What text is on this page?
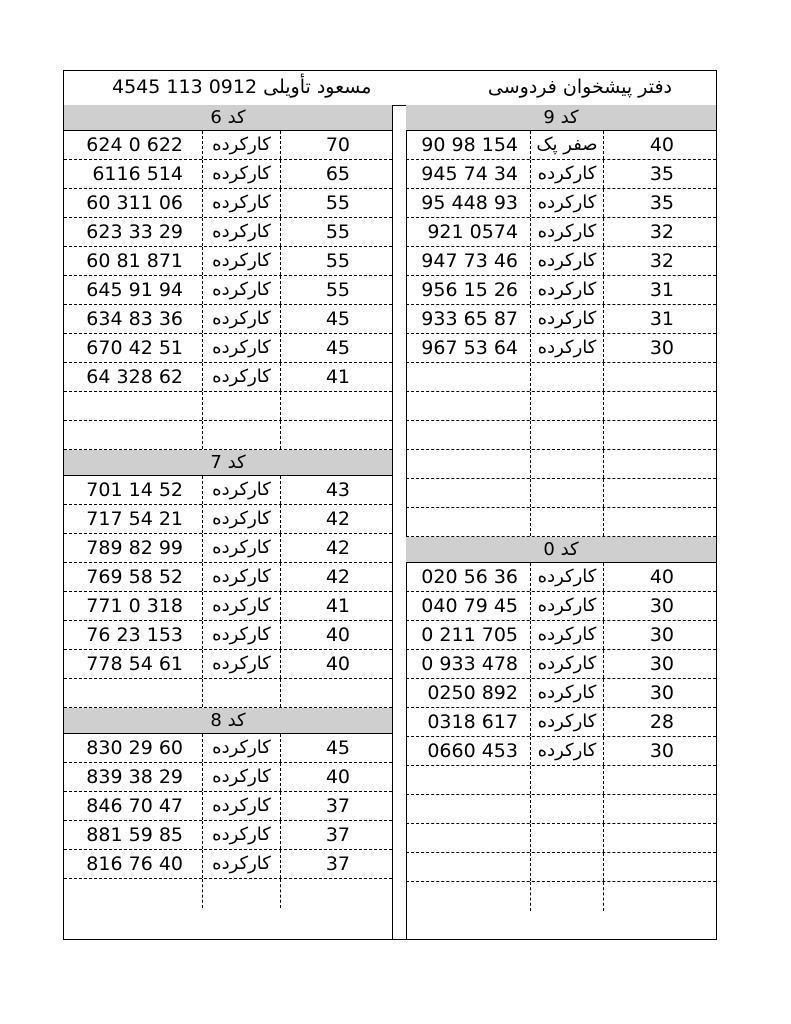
مسعود تأویلی 0912 113 4545	دفتر پیشخوان فردوسی
کد 6
624 0 622	کارکرده	70
6116 514	کارکرده	65
60 311 06	کارکرده	55
623 33 29	کارکرده	55
60 81 871	کارکرده	55
645 91 94	کارکرده	55
634 83 36	کارکرده	45
670 42 51	کارکرده	45
64 328 62	کارکرده	41
کد 7
701 14 52	کارکرده	43
717 54 21	کارکرده	42
789 82 99	کارکرده	42
769 58 52	کارکرده	42
771 0 318	کارکرده	41
76 23 153	کارکرده	40
778 54 61	کارکرده	40
کد 8
830 29 60	کارکرده	45
839 38 29	کارکرده	40
846 70 47	کارکرده	37
881 59 85	کارکرده	37
816 76 40	کارکرده	37
کد 9
90 98 154	صفر پک	40
945 74 34	کارکرده	35
95 448 93	کارکرده	35
921 0574	کارکرده	32
947 73 46	کارکرده	32
956 15 26	کارکرده	31
933 65 87	کارکرده	31
967 53 64	کارکرده	30
کد 0
020 56 36	کارکرده	40
040 79 45	کارکرده	30
0 211 705	کارکرده	30
0 933 478	کارکرده	30
0250 892	کارکرده	30
0318 617	کارکرده	28
0660 453	کارکرده	30
